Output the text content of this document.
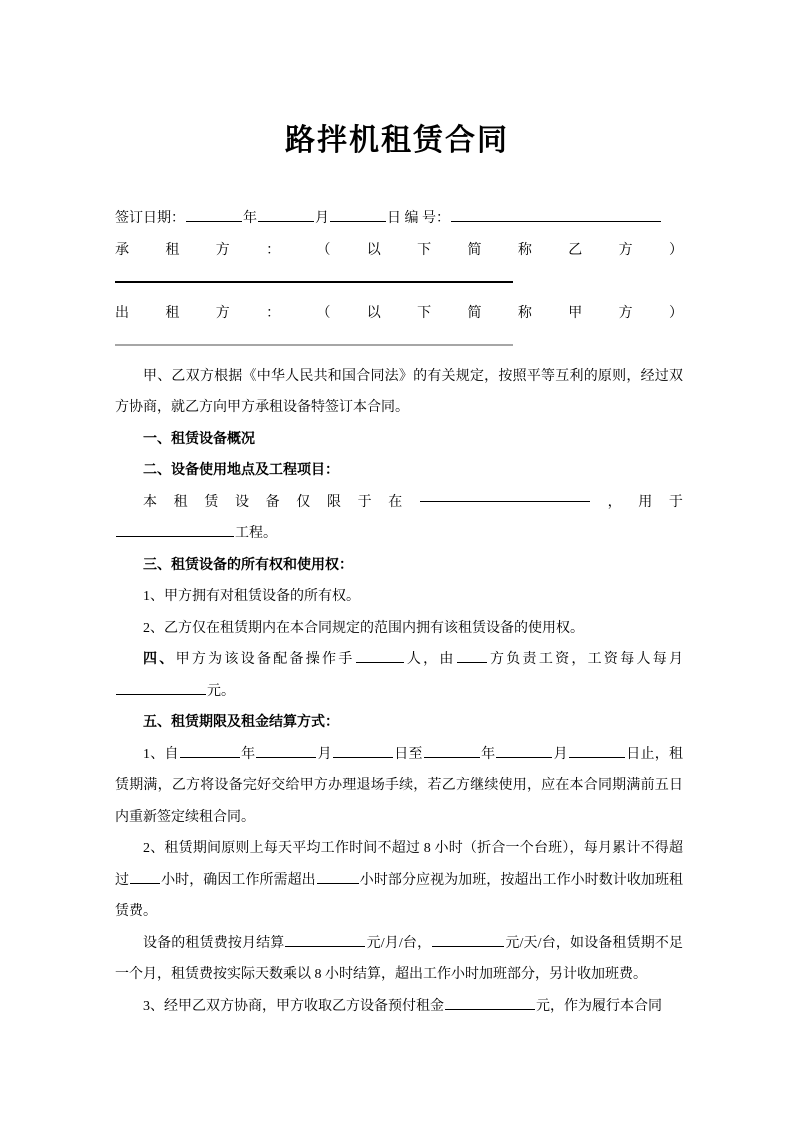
路拌机租赁合同

签订日期：	年	月	日 编 号：

承	租	方	：	（	以	下	简	称	乙	方	）
出	租	方	：	（	以	下	简	称	甲	方	）

甲、乙双方根据《中华人民共和国合同法》的有关规定，按照平等互利的原则，经过双方协商，就乙方向甲方承租设备特签订本合同。

一、租赁设备概况

二、设备使用地点及工程项目：

本 租 赁 设 备 仅 限 于 在	， 用 于

工程。

三、租赁设备的所有权和使用权：

1、甲方拥有对租赁设备的所有权。

2、乙方仅在租赁期内在本合同规定的范围内拥有该租赁设备的使用权。

四、甲方为该设备配备操作手	人，由 方负责工资，工资每人每月元。

五、租赁期限及租金结算方式：

1、自	年	月	日至	年	月	日止，租赁期满，乙方将设备完好交给甲方办理退场手续，若乙方继续使用，应在本合同期满前五日内重新签定续租合同。

2、租赁期间原则上每天平均工作时间不超过 8 小时（折合一个台班），每月累计不得超过 小时，确因工作所需超出	小时部分应视为加班，按超出工作小时数计收加班租赁费。

设备的租赁费按月结算	元/月/台，	元/天/台，如设备租赁期不足一个月，租赁费按实际天数乘以 8 小时结算，超出工作小时加班部分，另计收加班费。

3、经甲乙双方协商，甲方收取乙方设备预付租金	元，作为履行本合同
